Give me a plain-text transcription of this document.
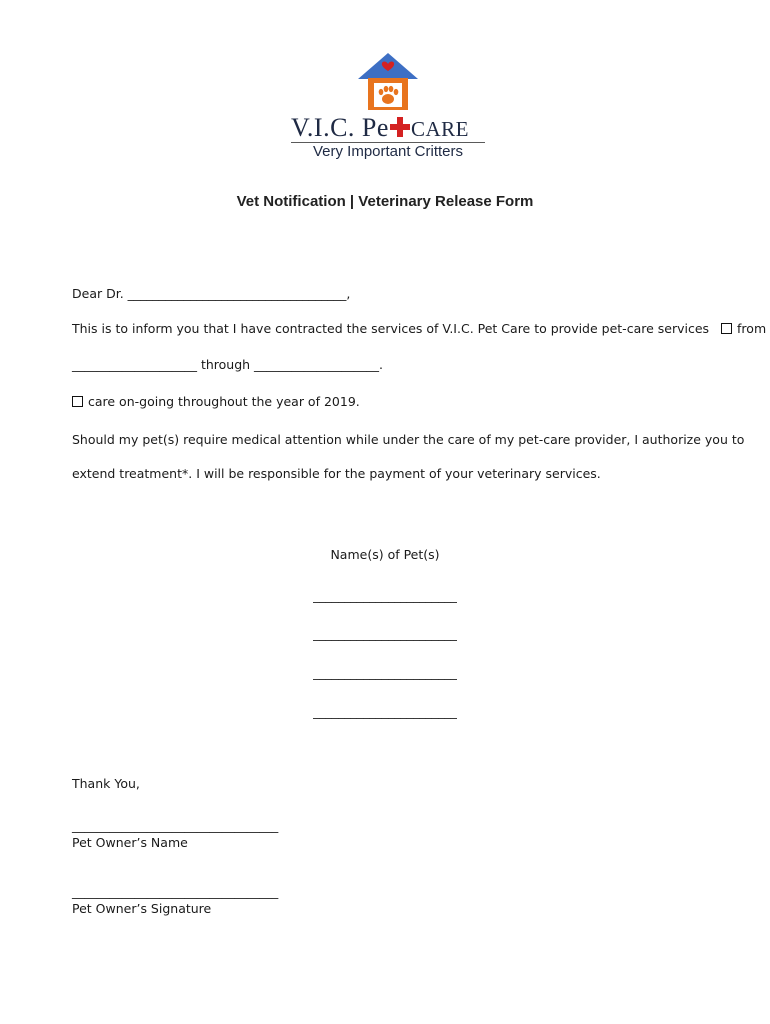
V.I.C. Pe CARE
Very Important Critters
Vet Notification | Veterinary Release Form
Dear Dr. ___________________________________,
This is to inform you that I have contracted the services of V.I.C. Pet Care to provide pet-care services from
____________________ through ____________________.
care on-going throughout the year of 2019.
Should my pet(s) require medical attention while under the care of my pet-care provider, I authorize you to
extend treatment*. I will be responsible for the payment of your veterinary services.
Name(s) of Pet(s)
_______________________
_______________________
_______________________
_______________________
Thank You,
_________________________________
Pet Owner’s Name
_________________________________
Pet Owner’s Signature
